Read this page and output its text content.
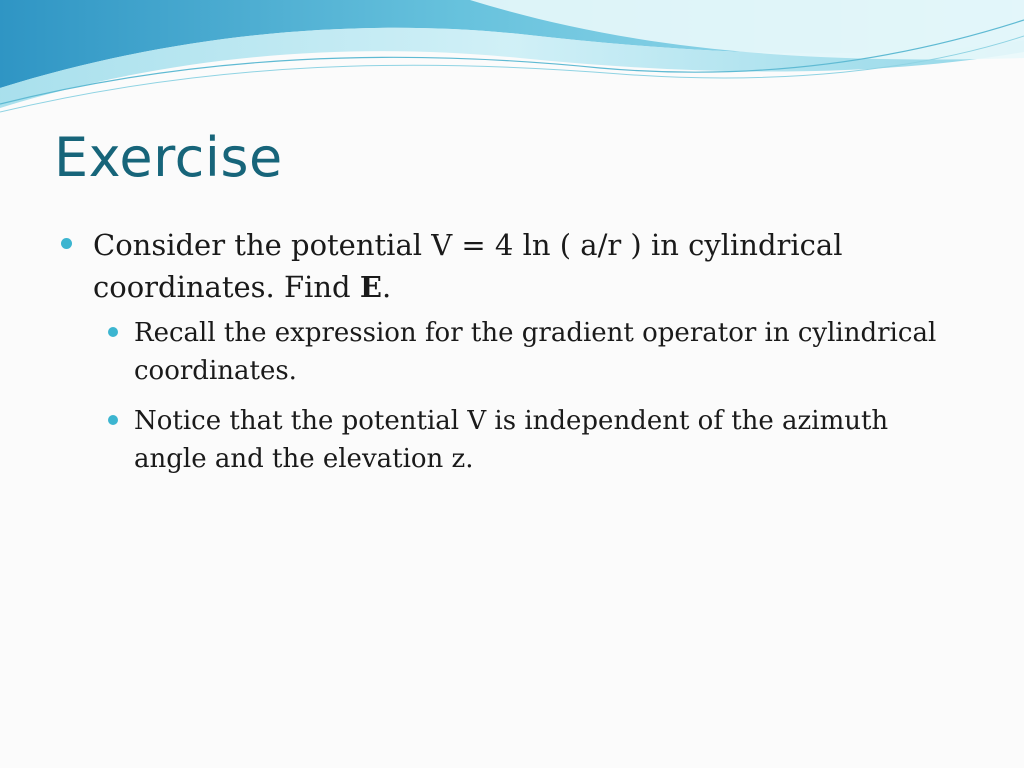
Exercise
Consider the potential V = 4 ln ( a/r ) in cylindrical coordinates. Find E.
Recall the expression for the gradient operator in cylindrical coordinates.
Notice that the potential V is independent of the azimuth angle and the elevation z.
